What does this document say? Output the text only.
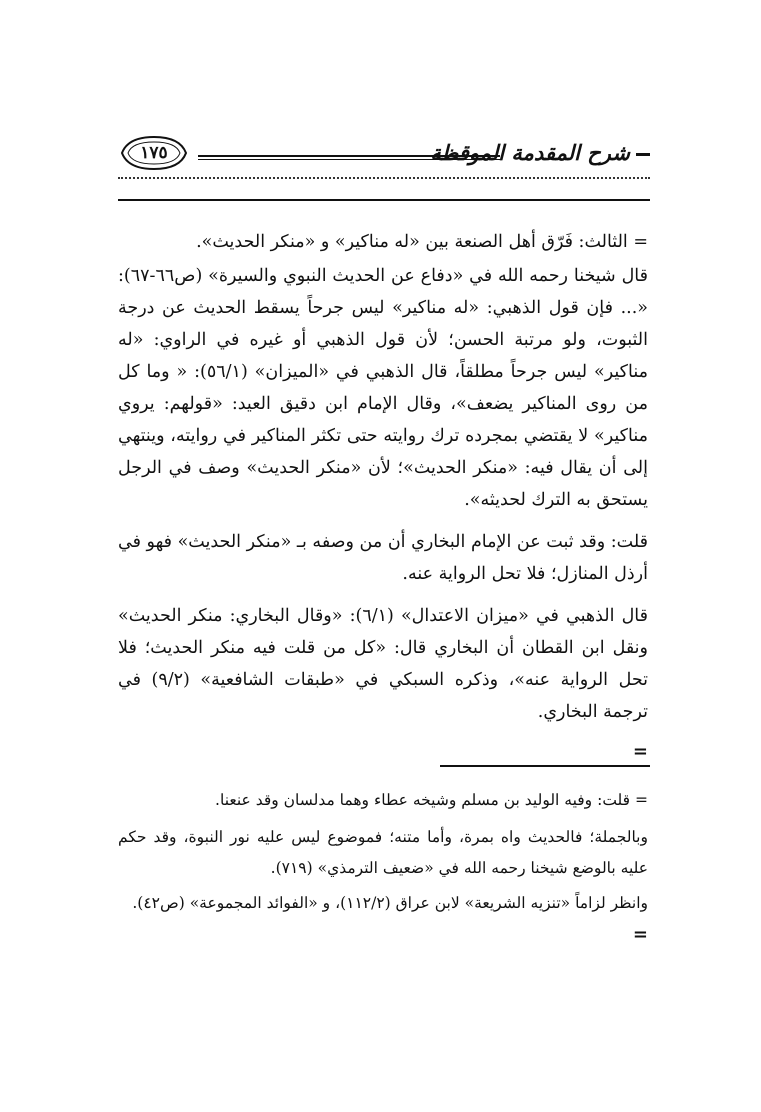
شرح المقدمة الموقظة
١٧٥

= الثالث: فَرّق أهل الصنعة بين «له مناكير» و «منكر الحديث».

قال شيخنا رحمه الله في «دفاع عن الحديث النبوي والسيرة» (ص٦٦-٦٧): «... فإن قول الذهبي: «له مناكير» ليس جرحاً يسقط الحديث عن درجة الثبوت، ولو مرتبة الحسن؛ لأن قول الذهبي أو غيره في الراوي: «له مناكير» ليس جرحاً مطلقاً، قال الذهبي في «الميزان» (٥٦/١): « وما كل من روى المناكير يضعف»، وقال الإمام ابن دقيق العيد: «قولهم: يروي مناكير» لا يقتضي بمجرده ترك روايته حتى تكثر المناكير في روايته، وينتهي إلى أن يقال فيه: «منكر الحديث»؛ لأن «منكر الحديث» وصف في الرجل يستحق به الترك لحديثه».

قلت: وقد ثبت عن الإمام البخاري أن من وصفه بـ «منكر الحديث» فهو في أرذل المنازل؛ فلا تحل الرواية عنه.

قال الذهبي في «ميزان الاعتدال» (٦/١): «وقال البخاري: منكر الحديث» ونقل ابن القطان أن البخاري قال: «كل من قلت فيه منكر الحديث؛ فلا تحل الرواية عنه»، وذكره السبكي في «طبقات الشافعية» (٩/٢) في ترجمة البخاري.

=

= قلت: وفيه الوليد بن مسلم وشيخه عطاء وهما مدلسان وقد عنعنا.

وبالجملة؛ فالحديث واه بمرة، وأما متنه؛ فموضوع ليس عليه نور النبوة، وقد حكم عليه بالوضع شيخنا رحمه الله في «ضعيف الترمذي» (٧١٩).

وانظر لزاماً «تنزيه الشريعة» لابن عراق (١١٢/٢)، و «الفوائد المجموعة» (ص٤٢).

=
